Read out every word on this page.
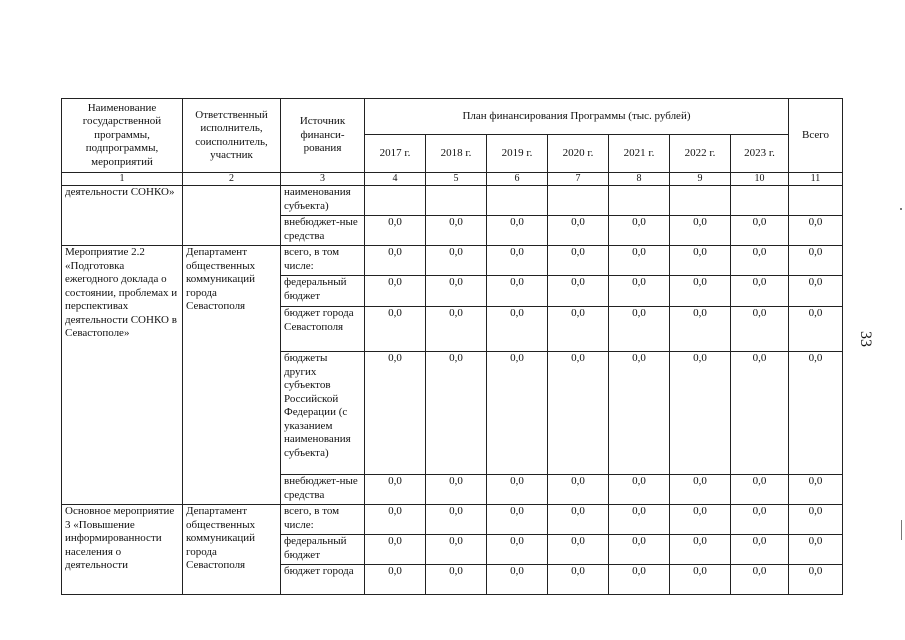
Наименование государственной программы, подпрограммы, мероприятий	Ответственный исполнитель, соисполнитель, участник	Источник финанси-рования	План финансирования Программы (тыс. рублей)							Всего
			2017 г.	2018 г.	2019 г.	2020 г.	2021 г.	2022 г.	2023 г.	
1	2	3	4	5	6	7	8	9	10	11
деятельности СОНКО»		наименования субъекта)								
		внебюджет-ные средства	0,0	0,0	0,0	0,0	0,0	0,0	0,0	0,0
Мероприятие 2.2 «Подготовка ежегодного доклада о состоянии, проблемах и перспективах деятельности СОНКО в Севастополе»	Департамент общественных коммуникаций города Севастополя	всего, в том числе:	0,0	0,0	0,0	0,0	0,0	0,0	0,0	0,0
		федеральный бюджет	0,0	0,0	0,0	0,0	0,0	0,0	0,0	0,0
		бюджет города Севастополя	0,0	0,0	0,0	0,0	0,0	0,0	0,0	0,0
		бюджеты других субъектов Российской Федерации (с указанием наименования субъекта)	0,0	0,0	0,0	0,0	0,0	0,0	0,0	0,0
		внебюджет-ные средства	0,0	0,0	0,0	0,0	0,0	0,0	0,0	0,0
Основное мероприятие 3 «Повышение информированности населения о деятельности	Департамент общественных коммуникаций города Севастополя	всего, в том числе:	0,0	0,0	0,0	0,0	0,0	0,0	0,0	0,0
		федеральный бюджет	0,0	0,0	0,0	0,0	0,0	0,0	0,0	0,0
		бюджет города	0,0	0,0	0,0	0,0	0,0	0,0	0,0	0,0
33
